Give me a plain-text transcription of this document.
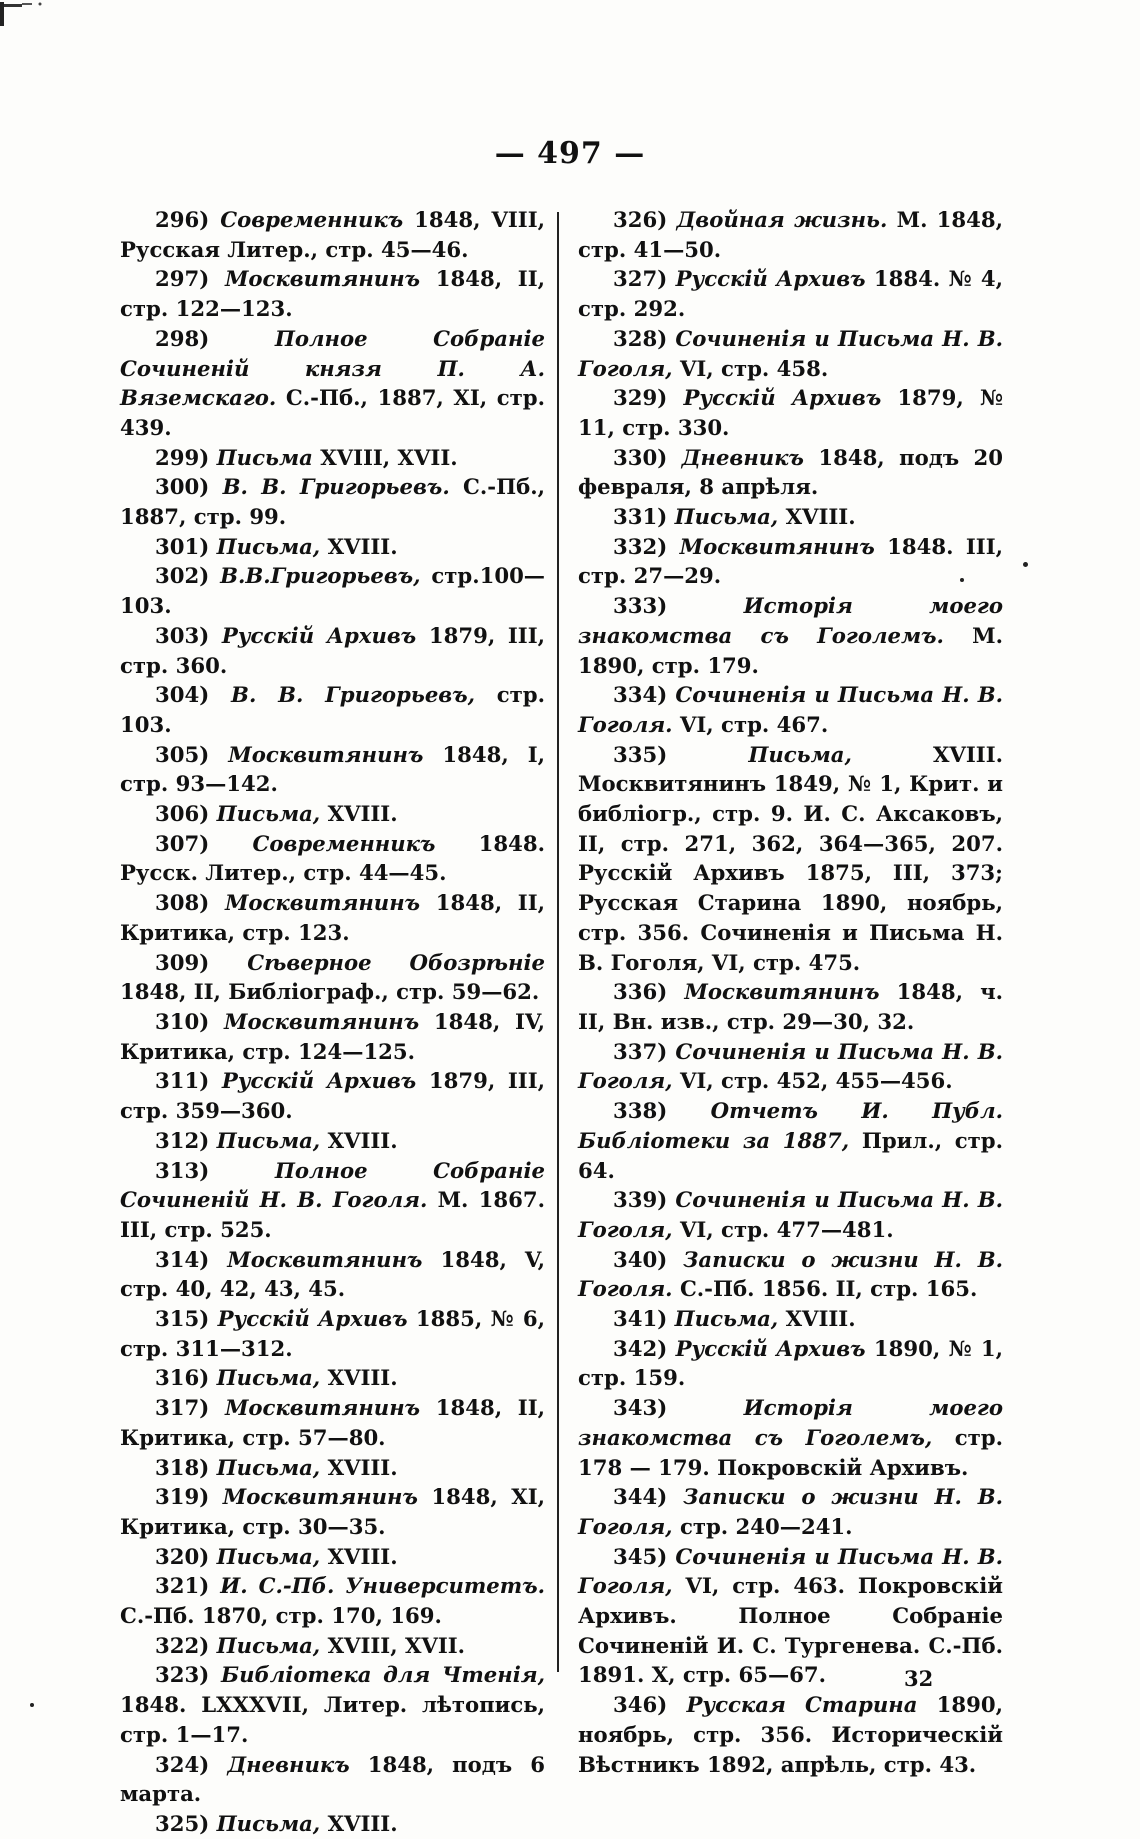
— 497 —

296) Современникъ 1848, VIII, Русская Литер., стр. 45—46.

297) Москвитянинъ 1848, II, стр. 122—123.

298) Полное Собраніе Сочиненій князя П. А. Вяземскаго. С.-Пб., 1887, XI, стр. 439.

299) Письма XVIII, XVII.

300) В. В. Григорьевъ. С.-Пб., 1887, стр. 99.

301) Письма, XVIII.

302) В.В.Григорьевъ, стр.100—103.

303) Русскій Архивъ 1879, III, стр. 360.

304) В. В. Григорьевъ, стр. 103.

305) Москвитянинъ 1848, I, стр. 93—142.

306) Письма, XVIII.

307) Современникъ 1848. Русск. Литер., стр. 44—45.

308) Москвитянинъ 1848, II, Критика, стр. 123.

309) Сѣверное Обозрѣніе 1848, II, Библіограф., стр. 59—62.

310) Москвитянинъ 1848, IV, Критика, стр. 124—125.

311) Русскій Архивъ 1879, III, стр. 359—360.

312) Письма, XVIII.

313) Полное Собраніе Сочиненій Н. В. Гоголя. М. 1867. III, стр. 525.

314) Москвитянинъ 1848, V, стр. 40, 42, 43, 45.

315) Русскій Архивъ 1885, № 6, стр. 311—312.

316) Письма, XVIII.

317) Москвитянинъ 1848, II, Критика, стр. 57—80.

318) Письма, XVIII.

319) Москвитянинъ 1848, XI, Критика, стр. 30—35.

320) Письма, XVIII.

321) И. С.-Пб. Университетъ. С.-Пб. 1870, стр. 170, 169.

322) Письма, XVIII, XVII.

323) Библіотека для Чтенія, 1848. LXXXVII, Литер. лѣтопись, стр. 1—17.

324) Дневникъ 1848, подъ 6 марта.

325) Письма, XVIII.

326) Двойная жизнь. М. 1848, стр. 41—50.

327) Русскій Архивъ 1884. № 4, стр. 292.

328) Сочиненія и Письма Н. В. Гоголя, VI, стр. 458.

329) Русскій Архивъ 1879, № 11, стр. 330.

330) Дневникъ 1848, подъ 20 февраля, 8 апрѣля.

331) Письма, XVIII.

332) Москвитянинъ 1848. III, стр. 27—29.

333) Исторія моего знакомства съ Гоголемъ. М. 1890, стр. 179.

334) Сочиненія и Письма Н. В. Гоголя. VI, стр. 467.

335) Письма, XVIII. Москвитянинъ 1849, № 1, Крит. и библіогр., стр. 9. И. С. Аксаковъ, II, стр. 271, 362, 364—365, 207. Русскій Архивъ 1875, III, 373; Русская Старина 1890, ноябрь, стр. 356. Сочиненія и Письма Н. В. Гоголя, VI, стр. 475.

336) Москвитянинъ 1848, ч. II, Вн. изв., стр. 29—30, 32.

337) Сочиненія и Письма Н. В. Гоголя, VI, стр. 452, 455—456.

338) Отчетъ И. Публ. Библіотеки за 1887, Прил., стр. 64.

339) Сочиненія и Письма Н. В. Гоголя, VI, стр. 477—481.

340) Записки о жизни Н. В. Гоголя. С.-Пб. 1856. II, стр. 165.

341) Письма, XVIII.

342) Русскій Архивъ 1890, № 1, стр. 159.

343) Исторія моего знакомства съ Гоголемъ, стр. 178 — 179. Покровскій Архивъ.

344) Записки о жизни Н. В. Гоголя, стр. 240—241.

345) Сочиненія и Письма Н. В. Гоголя, VI, стр. 463. Покровскій Архивъ. Полное Собраніе Сочиненій И. С. Тургенева. С.-Пб. 1891. X, стр. 65—67.

346) Русская Старина 1890, ноябрь, стр. 356. Историческій Вѣстникъ 1892, апрѣль, стр. 43.

32
